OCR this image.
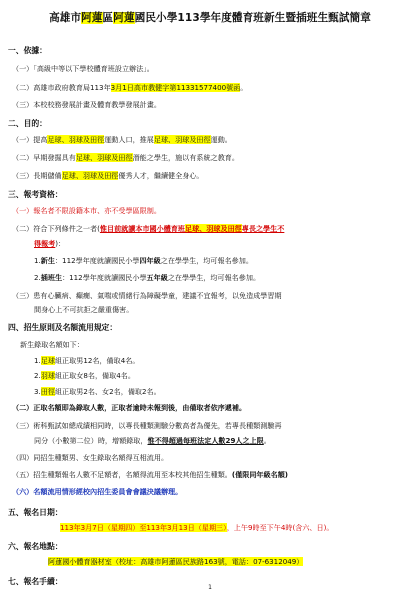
高雄市阿蓮區阿蓮國民小學113學年度體育班新生暨插班生甄試簡章
一、依據：
（一）「高級中等以下學校體育班設立辦法」。
（二）高雄市政府教育局113年3月1日高市教健字第11331577400號函。
（三）本校校務發展計畫及體育教學發展計畫。
二、目的：
（一）提高足球、羽球及田徑運動人口，推展足球、羽球及田徑運動。
（二）早期發掘具有足球、羽球及田徑潛能之學生，施以有系統之教育。
（三）長期儲備足球、羽球及田徑優秀人才，繼續健全身心。
三、報考資格：
（一）報名者不限設籍本市、亦不受學區限制。
（二）符合下列條件之一者(惟目前就讀本市國小體育班足球、羽球及田徑專長之學生不
得報考)：
1.新生：112學年度就讀國民小學四年級之在學學生，均可報名參加。
2.插班生：112學年度就讀國民小學五年級之在學學生，均可報名參加。
（三）患有心臟病、癲癇、氣喘或情緒行為障礙學童，建議不宜報考，以免造成學習期
間身心上不可抗拒之嚴重傷害。
四、招生原則及名額流用規定：
新生錄取名額如下：
1.足球組正取男12名，備取4名。
2.羽球組正取女8名，備取4名。
3.田徑組正取男2名、女2名，備取2名。
（二）正取名額即為錄取人數，正取者逾時未報到後，由備取者依序遞補。
（三）術科甄試如總成績相同時，以專長種類測驗分數高者為優先，若專長種類測驗再
同分（小數第二位）時，增額錄取，惟不得超過每班法定人數29人之上限。
（四）同招生種類男、女生錄取名額得互相流用。
（五）招生種類報名人數不足額者，名額得流用至本校其他招生種類。(僅限同年級名額)
（六）名額流用情形經校內招生委員會會議決議辦理。
五、報名日期：
113年3月7日（星期四）至113年3月13日（星期三），上午9時至下午4時(含六、日)。
六、報名地點：
阿蓮國小體育器材室（校址：高雄市阿蓮區民族路163號，電話：07-6312049）
七、報名手續：
1
